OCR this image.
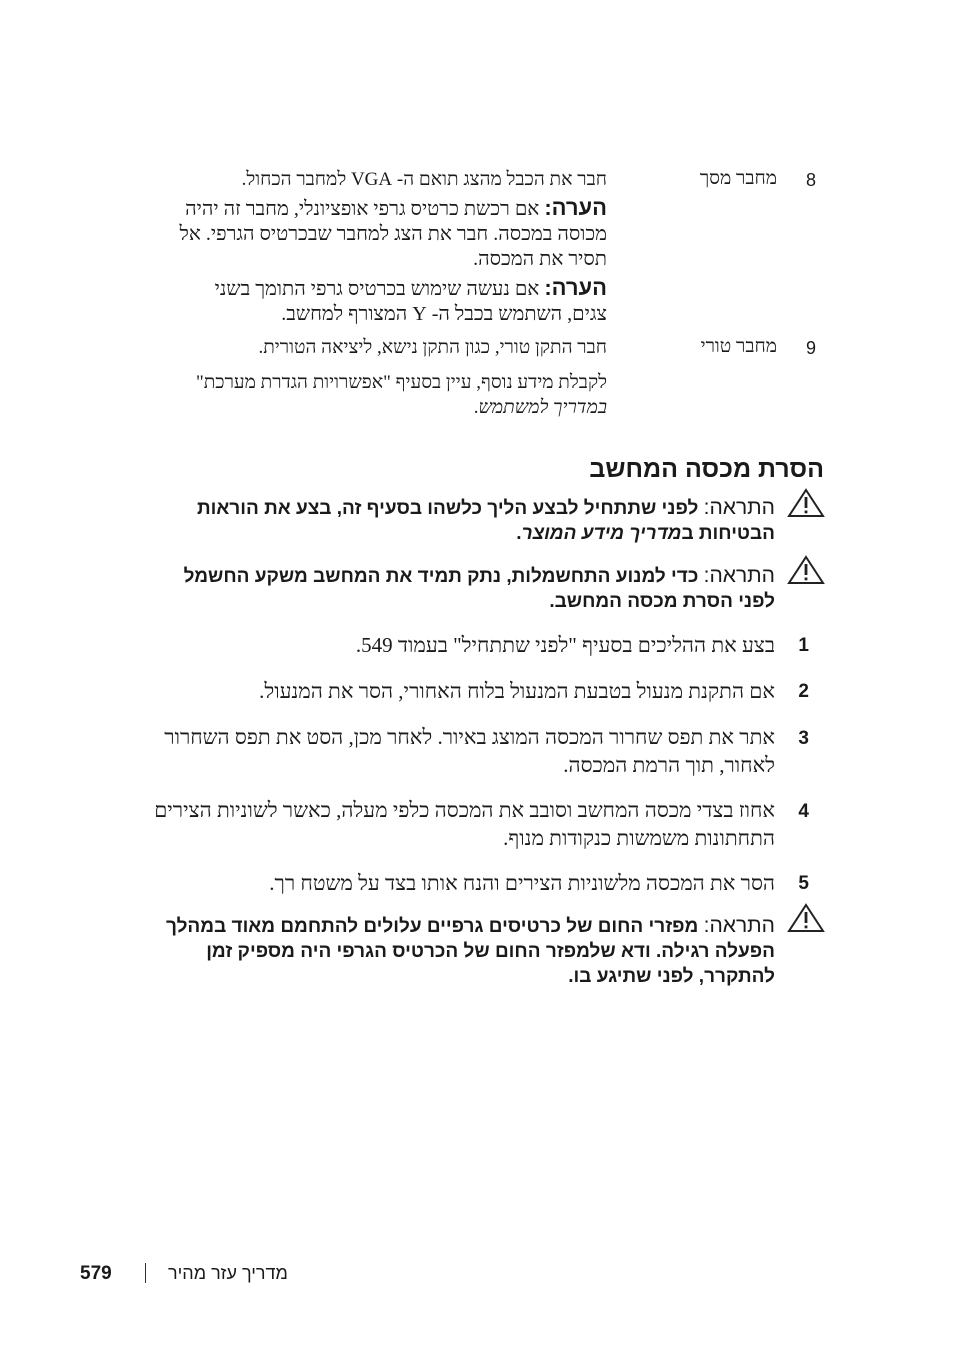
8
מחבר מסך
חבר את הכבל מהצג תואם ה- VGA למחבר הכחול.
הערה: אם רכשת כרטיס גרפי אופציונלי, מחבר זה יהיה
מכוסה במכסה. חבר את הצג למחבר שבכרטיס הגרפי. אל
תסיר את המכסה.
הערה: אם נעשה שימוש בכרטיס גרפי התומך בשני
צגים, השתמש בכבל ה- Y המצורף למחשב.
9
מחבר טורי
חבר התקן טורי, כגון התקן נישא, ליציאה הטורית.
לקבלת מידע נוסף, עיין בסעיף "אפשרויות הגדרת מערכת"
במדריך למשתמש.
הסרת מכסה המחשב
התראה: לפני שתתחיל לבצע הליך כלשהו בסעיף זה, בצע את הוראות
הבטיחות במדריך מידע המוצר.
התראה: כדי למנוע התחשמלות, נתק תמיד את המחשב משקע החשמל
לפני הסרת מכסה המחשב.
1
בצע את ההליכים בסעיף "לפני שתתחיל" בעמוד 549.
2
אם התקנת מנעול בטבעת המנעול בלוח האחורי, הסר את המנעול.
3
אתר את תפס שחרור המכסה המוצג באיור. לאחר מכן, הסט את תפס השחרור
לאחור, תוך הרמת המכסה.
4
אחוז בצדי מכסה המחשב וסובב את המכסה כלפי מעלה, כאשר לשוניות הצירים
התחתונות משמשות כנקודות מנוף.
5
הסר את המכסה מלשוניות הצירים והנח אותו בצד על משטח רך.
התראה: מפזרי החום של כרטיסים גרפיים עלולים להתחמם מאוד במהלך
הפעלה רגילה. ודא שלמפזר החום של הכרטיס הגרפי היה מספיק זמן
להתקרר, לפני שתיגע בו.
579	מדריך עזר מהיר
